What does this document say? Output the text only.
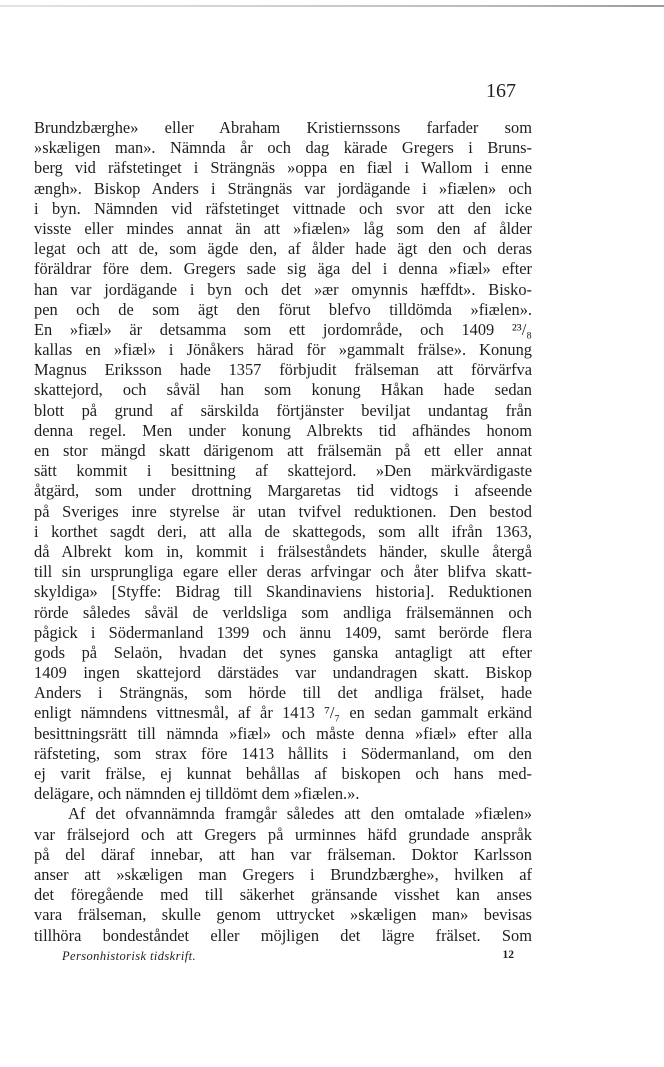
167
Brundzbærghe» eller Abraham Kristiernssons farfader som
»skæligen man». Nämnda år och dag kärade Gregers i Bruns-
berg vid räfstetinget i Strängnäs »oppa en fiæl i Wallom i enne
ængh». Biskop Anders i Strängnäs var jordägande i »fiælen» och
i byn. Nämnden vid räfstetinget vittnade och svor att den icke
visste eller mindes annat än att »fiælen» låg som den af ålder
legat och att de, som ägde den, af ålder hade ägt den och deras
föräldrar före dem. Gregers sade sig äga del i denna »fiæl» efter
han var jordägande i byn och det »ær omynnis hæffdt». Bisko-
pen och de som ägt den förut blefvo tilldömda »fiælen».
En »fiæl» är detsamma som ett jordområde, och 1409 ²³/₈
kallas en »fiæl» i Jönåkers härad för »gammalt frälse». Konung
Magnus Eriksson hade 1357 förbjudit frälseman att förvärfva
skattejord, och såväl han som konung Håkan hade sedan
blott på grund af särskilda förtjänster beviljat undantag från
denna regel. Men under konung Albrekts tid afhändes honom
en stor mängd skatt därigenom att frälsemän på ett eller annat
sätt kommit i besittning af skattejord. »Den märkvärdigaste
åtgärd, som under drottning Margaretas tid vidtogs i afseende
på Sveriges inre styrelse är utan tvifvel reduktionen. Den bestod
i korthet sagdt deri, att alla de skattegods, som allt ifrån 1363,
då Albrekt kom in, kommit i frälseståndets händer, skulle återgå
till sin ursprungliga egare eller deras arfvingar och åter blifva skatt-
skyldiga» [Styffe: Bidrag till Skandinaviens historia]. Reduktionen
rörde således såväl de verldsliga som andliga frälsemännen och
pågick i Södermanland 1399 och ännu 1409, samt berörde flera
gods på Selaön, hvadan det synes ganska antagligt att efter
1409 ingen skattejord därstädes var undandragen skatt. Biskop
Anders i Strängnäs, som hörde till det andliga frälset, hade
enligt nämndens vittnesmål, af år 1413 ⁷/₇ en sedan gammalt erkänd
besittningsrätt till nämnda »fiæl» och måste denna »fiæl» efter alla
räfsteting, som strax före 1413 hållits i Södermanland, om den
ej varit frälse, ej kunnat behållas af biskopen och hans med-
delägare, och nämnden ej tilldömt dem »fiælen.».
Af det ofvannämnda framgår således att den omtalade »fiælen»
var frälsejord och att Gregers på urminnes häfd grundade anspråk
på del däraf innebar, att han var frälseman. Doktor Karlsson
anser att »skæligen man Gregers i Brundzbærghe», hvilken af
det föregående med till säkerhet gränsande visshet kan anses
vara frälseman, skulle genom uttrycket »skæligen man» bevisas
tillhöra bondeståndet eller möjligen det lägre frälset. Som
Personhistorisk tidskrift.	12
